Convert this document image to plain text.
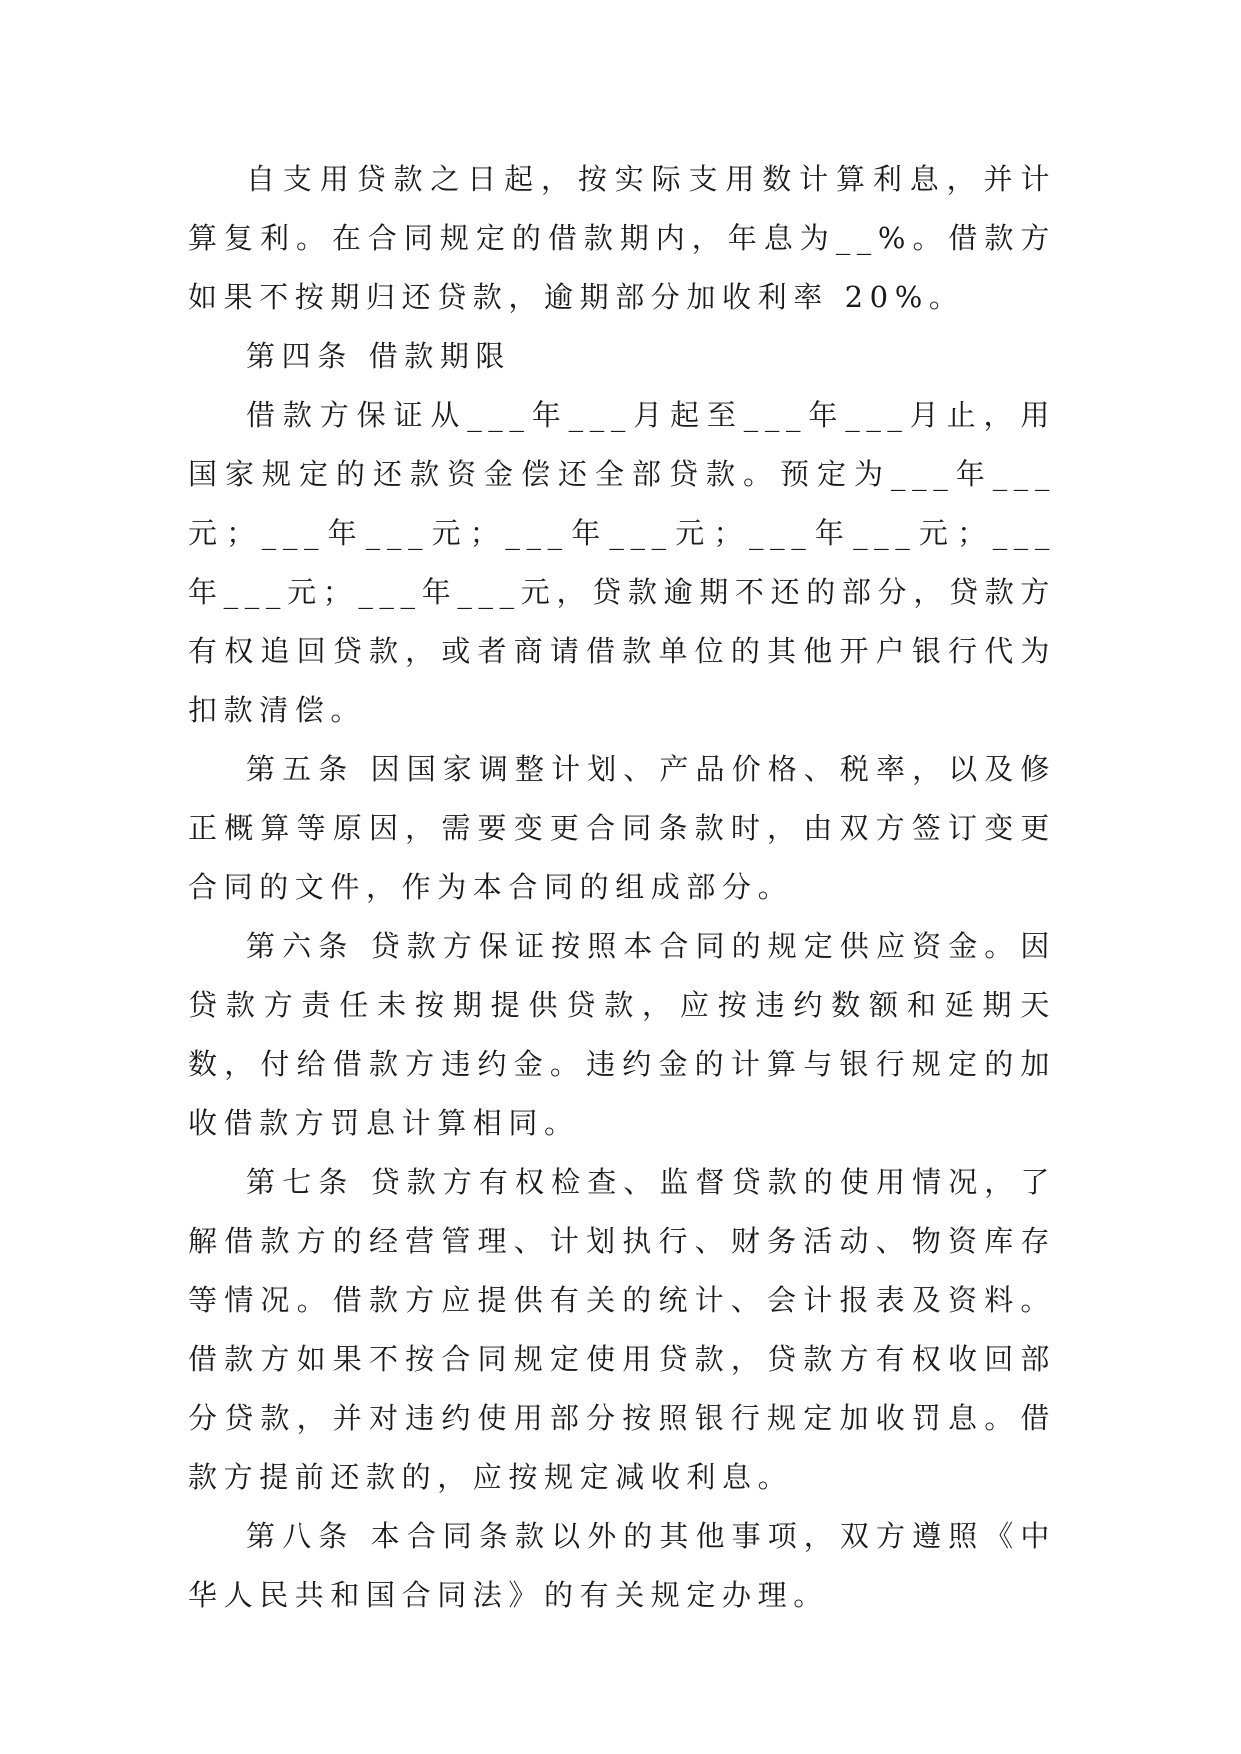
自支用贷款之日起，按实际支用数计算利息，并计算复利。在合同规定的借款期内，年息为__%。借款方如果不按期归还贷款，逾期部分加收利率 20%。

第四条 借款期限

借款方保证从___年___月起至___年___月止，用国家规定的还款资金偿还全部贷款。预定为___年___元；___年___元；___年___元；___年___元；___年___元；___年___元，贷款逾期不还的部分，贷款方有权追回贷款，或者商请借款单位的其他开户银行代为扣款清偿。

第五条 因国家调整计划、产品价格、税率，以及修正概算等原因，需要变更合同条款时，由双方签订变更合同的文件，作为本合同的组成部分。

第六条 贷款方保证按照本合同的规定供应资金。因贷款方责任未按期提供贷款，应按违约数额和延期天数，付给借款方违约金。违约金的计算与银行规定的加收借款方罚息计算相同。

第七条 贷款方有权检查、监督贷款的使用情况，了解借款方的经营管理、计划执行、财务活动、物资库存等情况。借款方应提供有关的统计、会计报表及资料。借款方如果不按合同规定使用贷款，贷款方有权收回部分贷款，并对违约使用部分按照银行规定加收罚息。借款方提前还款的，应按规定减收利息。

第八条 本合同条款以外的其他事项，双方遵照《中华人民共和国合同法》的有关规定办理。
